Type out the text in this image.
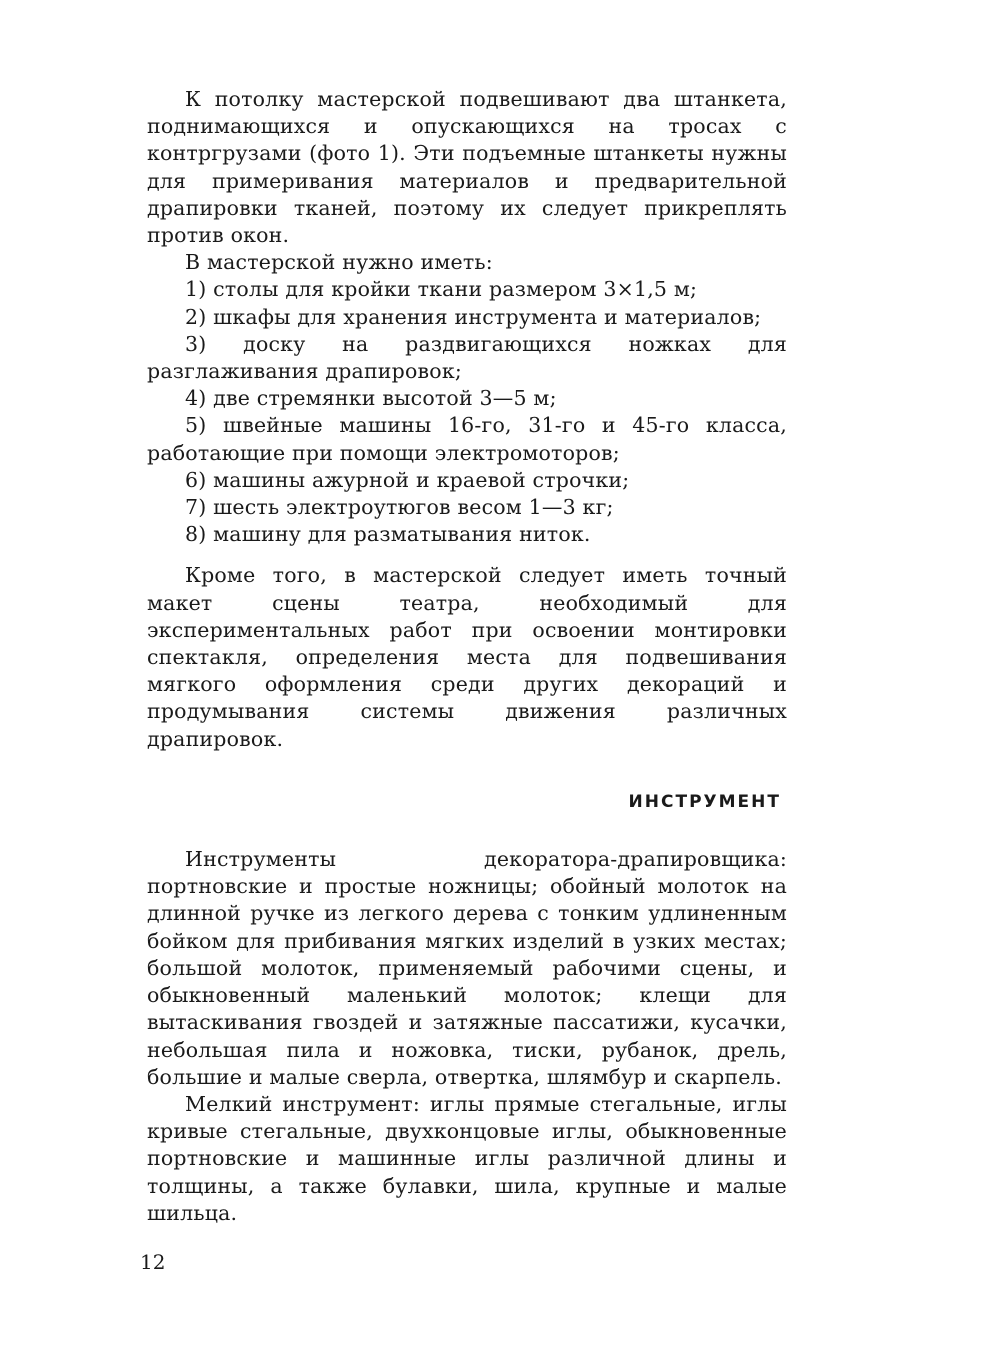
К потолку мастерской подвешивают два штанкета, поднимающихся и опускающихся на тросах с контргрузами (фото 1). Эти подъемные штанкеты нужны для примеривания материалов и предварительной драпировки тканей, поэтому их следует прикреплять против окон.

В мастерской нужно иметь:

1) столы для кройки ткани размером 3×1,5 м;
2) шкафы для хранения инструмента и материалов;
3) доску на раздвигающихся ножках для разглаживания драпировок;
4) две стремянки высотой 3—5 м;
5) швейные машины 16-го, 31-го и 45-го класса, работающие при помощи электромоторов;
6) машины ажурной и краевой строчки;
7) шесть электроутюгов весом 1—3 кг;
8) машину для разматывания ниток.

Кроме того, в мастерской следует иметь точный макет сцены театра, необходимый для экспериментальных работ при освоении монтировки спектакля, определения места для подвешивания мягкого оформления среди других декораций и продумывания системы движения различных драпировок.

ИНСТРУМЕНТ

Инструменты декоратора-драпировщика: портновские и простые ножницы; обойный молоток на длинной ручке из легкого дерева с тонким удлиненным бойком для прибивания мягких изделий в узких местах; большой молоток, применяемый рабочими сцены, и обыкновенный маленький молоток; клещи для вытаскивания гвоздей и затяжные пассатижи, кусачки, небольшая пила и ножовка, тиски, рубанок, дрель, большие и малые сверла, отвертка, шлямбур и скарпель.

Мелкий инструмент: иглы прямые стегальные, иглы кривые стегальные, двухконцовые иглы, обыкновенные портновские и машинные иглы различной длины и толщины, а также булавки, шила, крупные и малые шильца.

12
